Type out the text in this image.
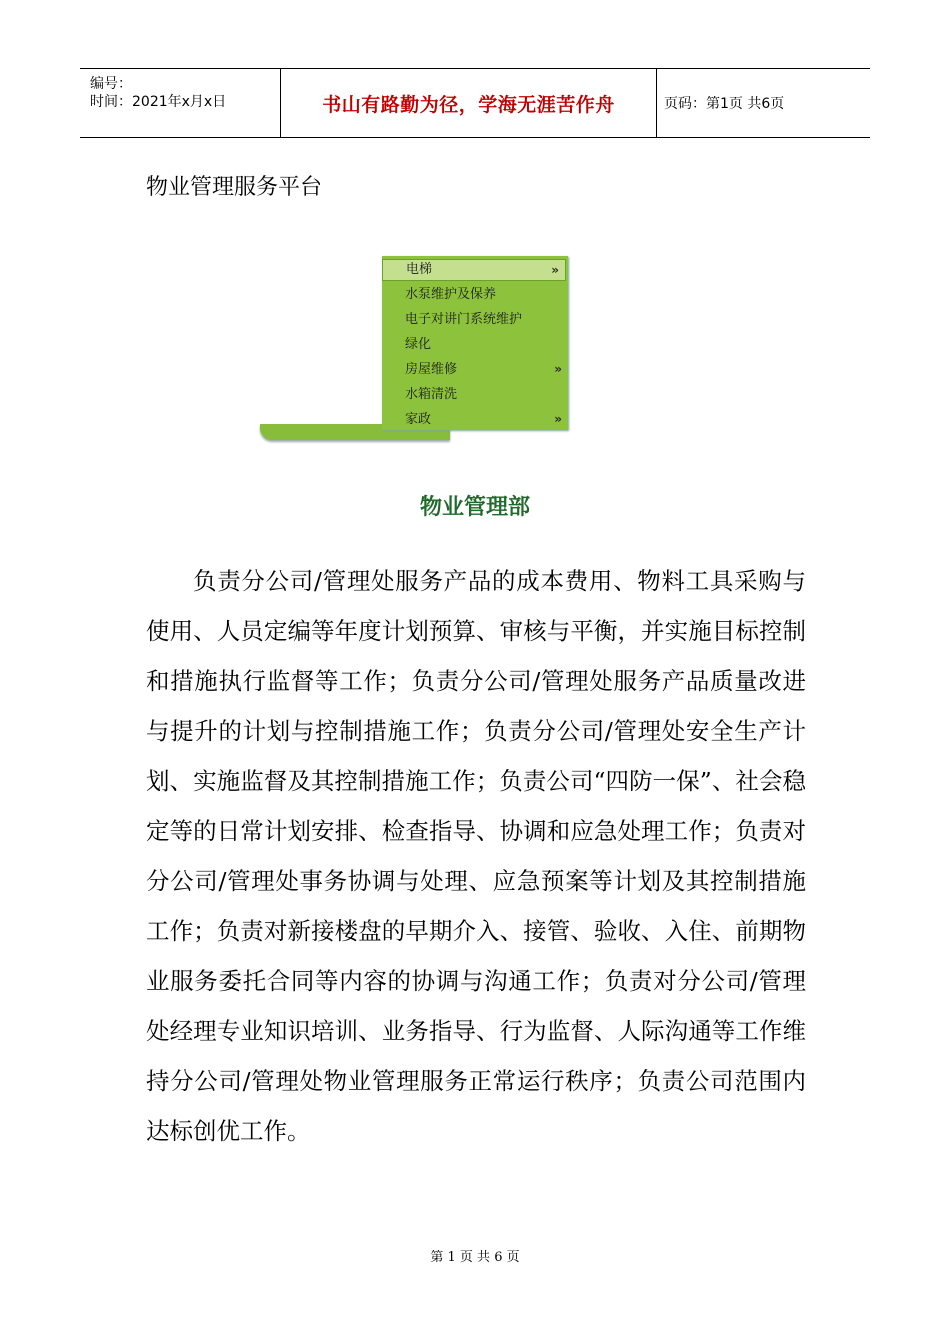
编号：
时间：2021年x月x日	书山有路勤为径，学海无涯苦作舟	页码：第1页 共6页
物业管理服务平台
电梯	»
水泵维护及保养
电子对讲门系统维护
绿化
房屋维修	»
水箱清洗
家政	»
物业管理部
负责分公司/管理处服务产品的成本费用、物料工具采购与使用、人员定编等年度计划预算、审核与平衡，并实施目标控制和措施执行监督等工作；负责分公司/管理处服务产品质量改进与提升的计划与控制措施工作；负责分公司/管理处安全生产计划、实施监督及其控制措施工作；负责公司“四防一保”、社会稳定等的日常计划安排、检查指导、协调和应急处理工作；负责对分公司/管理处事务协调与处理、应急预案等计划及其控制措施工作；负责对新接楼盘的早期介入、接管、验收、入住、前期物业服务委托合同等内容的协调与沟通工作；负责对分公司/管理处经理专业知识培训、业务指导、行为监督、人际沟通等工作维持分公司/管理处物业管理服务正常运行秩序；负责公司范围内达标创优工作。
第 1 页 共 6 页
